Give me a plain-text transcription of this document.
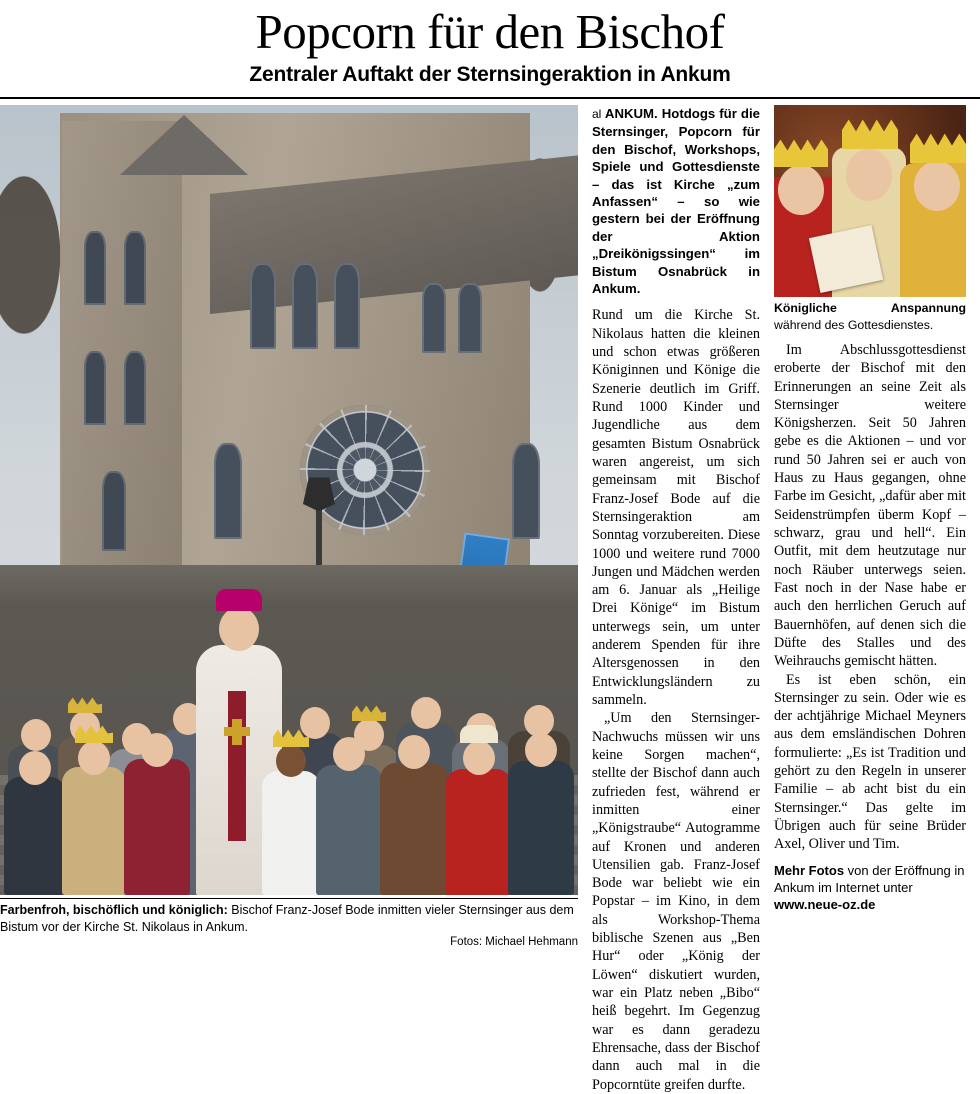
Popcorn für den Bischof
Zentraler Auftakt der Sternsingeraktion in Ankum
Farbenfroh, bischöflich und königlich: Bischof Franz-Josef Bode inmitten vieler Sternsinger aus dem Bistum vor der Kirche St. Nikolaus in Ankum.
Fotos: Michael Hehmann

al ANKUM. Hotdogs für die Sternsinger, Popcorn für den Bischof, Workshops, Spiele und Gottesdienste – das ist Kirche „zum Anfassen“ – so wie gestern bei der Eröffnung der Aktion „Dreikönigssingen“ im Bistum Osnabrück in Ankum.

Rund um die Kirche St. Nikolaus hatten die kleinen und schon etwas größeren Königinnen und Könige die Szenerie deutlich im Griff. Rund 1000 Kinder und Jugendliche aus dem gesamten Bistum Osnabrück waren angereist, um sich gemeinsam mit Bischof Franz-Josef Bode auf die Sternsingeraktion am Sonntag vorzubereiten. Diese 1000 und weitere rund 7000 Jungen und Mädchen werden am 6. Januar als „Heilige Drei Könige“ im Bistum unterwegs sein, um unter anderem Spenden für ihre Altersgenossen in den Entwicklungsländern zu sammeln.

„Um den Sternsinger-Nachwuchs müssen wir uns keine Sorgen machen“, stellte der Bischof dann auch zufrieden fest, während er inmitten einer „Königstraube“ Autogramme auf Kronen und anderen Utensilien gab. Franz-Josef Bode war beliebt wie ein Popstar – im Kino, in dem als Workshop-Thema biblische Szenen aus „Ben Hur“ oder „König der Löwen“ diskutiert wurden, war ein Platz neben „Bibo“ heiß begehrt. Im Gegenzug war es dann geradezu Ehrensache, dass der Bischof dann auch mal in die Popcorntüte greifen durfte.

Königliche	Anspannung
während des Gottesdienstes.

Im Abschlussgottesdienst eroberte der Bischof mit den Erinnerungen an seine Zeit als Sternsinger weitere Königsherzen. Seit 50 Jahren gebe es die Aktionen – und vor rund 50 Jahren sei er auch von Haus zu Haus gegangen, ohne Farbe im Gesicht, „dafür aber mit Seidenstrümpfen überm Kopf – schwarz, grau und hell“. Ein Outfit, mit dem heutzutage nur noch Räuber unterwegs seien. Fast noch in der Nase habe er auch den herrlichen Geruch auf Bauernhöfen, auf denen sich die Düfte des Stalles und des Weihrauchs gemischt hätten.

Es ist eben schön, ein Sternsinger zu sein. Oder wie es der achtjährige Michael Meyners aus dem emsländischen Dohren formulierte: „Es ist Tradition und gehört zu den Regeln in unserer Familie – ab acht bist du ein Sternsinger.“ Das gelte im Übrigen auch für seine Brüder Axel, Oliver und Tim.

Mehr Fotos von der Eröffnung in Ankum im Internet unter www.neue-oz.de
